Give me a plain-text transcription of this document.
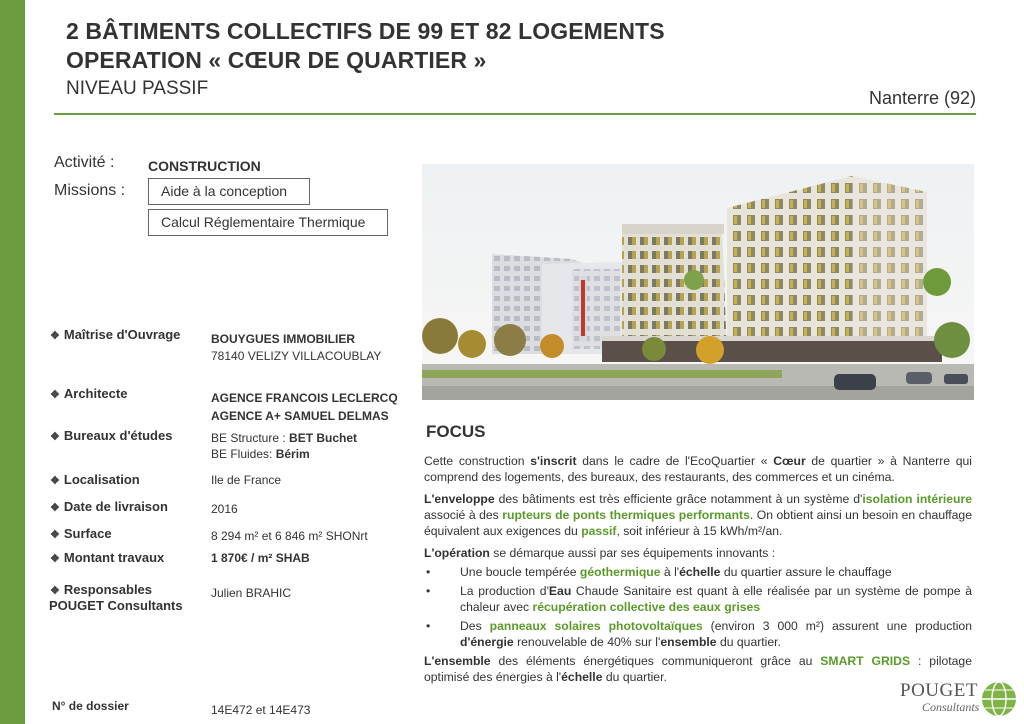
2 BÂTIMENTS COLLECTIFS DE 99 ET 82 LOGEMENTS
OPERATION « CŒUR DE QUARTIER »
NIVEAU PASSIF	Nanterre (92)
Activité : CONSTRUCTION
Missions :	Aide à la conception
Calcul Réglementaire Thermique
❖ Maîtrise d'Ouvrage	BOUYGUES IMMOBILIER
78140 VELIZY VILLACOUBLAY
❖ Architecte	AGENCE FRANCOIS LECLERCQ
AGENCE A+ SAMUEL DELMAS
❖ Bureaux d'études	BE Structure : BET Buchet
BE Fluides: Bérim
❖ Localisation	Ile de France
❖ Date de livraison	2016
❖ Surface	8 294 m² et 6 846 m² SHONrt
❖ Montant travaux	1 870€ / m² SHAB
❖ Responsables
POUGET Consultants
Julien BRAHIC
N° de dossier	14E472 et 14E473
FOCUS

Cette construction s'inscrit dans le cadre de l'EcoQuartier « Cœur de quartier » à Nanterre qui comprend des logements, des bureaux, des restaurants, des commerces et un cinéma.

L'enveloppe des bâtiments est très efficiente grâce notamment à un système d'isolation intérieure associé à des rupteurs de ponts thermiques performants. On obtient ainsi un besoin en chauffage équivalent aux exigences du passif, soit inférieur à 15 kWh/m²/an.

L'opération se démarque aussi par ses équipements innovants :

• Une boucle tempérée géothermique à l'échelle du quartier assure le chauffage
• La production d'Eau Chaude Sanitaire est quant à elle réalisée par un système de pompe à chaleur avec récupération collective des eaux grises
• Des panneaux solaires photovoltaïques (environ 3 000 m²) assurent une production d'énergie renouvelable de 40% sur l'ensemble du quartier.

L'ensemble des éléments énergétiques communiqueront grâce au SMART GRIDS : pilotage optimisé des énergies à l'échelle du quartier.

POUGET
Consultants
